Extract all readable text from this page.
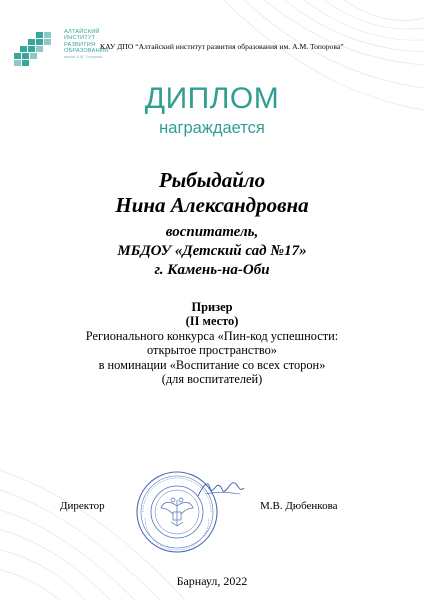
АЛТАЙСКИЙ
ИНСТИТУТ
РАЗВИТИЯ
ОБРАЗОВАНИЯ
имени А.М. Топорова
КАУ ДПО “Алтайский институт развития образования им. А.М. Топорова”
ДИПЛОМ
награждается
Рыбыдайло
Нина Александровна
воспитатель,
МБДОУ «Детский сад №17»
г. Камень-на-Оби
Призер
(II место)
Регионального конкурса «Пин-код успешности:
открытое пространство»
в номинации «Воспитание со всех сторон»
(для воспитателей)
Директор	М.В. Дюбенкова
Барнаул, 2022
